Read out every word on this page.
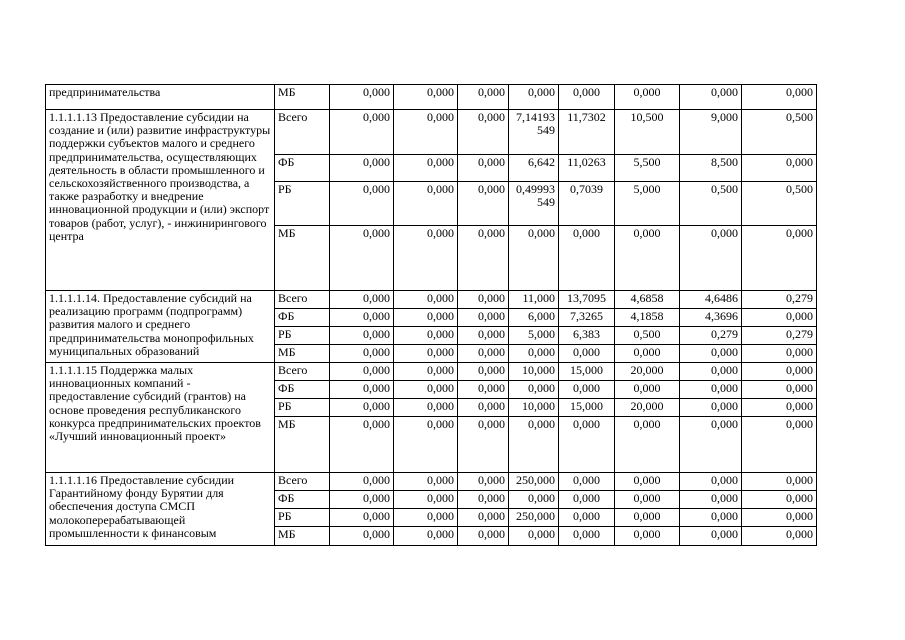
предпринимательства	МБ	0,000	0,000	0,000	0,000	0,000	0,000	0,000	0,000
1.1.1.1.13 Предоставление субсидии на создание и (или) развитие инфраструктуры поддержки субъектов малого и среднего предпринимательства, осуществляющих деятельность в области промышленного и сельскохозяйственного производства, а также разработку и внедрение инновационной продукции и (или) экспорт товаров (работ, услуг), - инжинирингового центра	Всего	0,000	0,000	0,000	7,14193 549	11,7302	10,500	9,000	0,500
	ФБ	0,000	0,000	0,000	6,642	11,0263	5,500	8,500	0,000
	РБ	0,000	0,000	0,000	0,49993 549	0,7039	5,000	0,500	0,500
	МБ	0,000	0,000	0,000	0,000	0,000	0,000	0,000	0,000
1.1.1.1.14. Предоставление субсидий на реализацию программ (подпрограмм) развития малого и среднего предпринимательства монопрофильных муниципальных образований	Всего	0,000	0,000	0,000	11,000	13,7095	4,6858	4,6486	0,279
	ФБ	0,000	0,000	0,000	6,000	7,3265	4,1858	4,3696	0,000
	РБ	0,000	0,000	0,000	5,000	6,383	0,500	0,279	0,279
	МБ	0,000	0,000	0,000	0,000	0,000	0,000	0,000	0,000
1.1.1.1.15 Поддержка малых инновационных компаний - предоставление субсидий (грантов) на основе проведения республиканского конкурса предпринимательских проектов «Лучший инновационный проект»	Всего	0,000	0,000	0,000	10,000	15,000	20,000	0,000	0,000
	ФБ	0,000	0,000	0,000	0,000	0,000	0,000	0,000	0,000
	РБ	0,000	0,000	0,000	10,000	15,000	20,000	0,000	0,000
	МБ	0,000	0,000	0,000	0,000	0,000	0,000	0,000	0,000
1.1.1.1.16 Предоставление субсидии Гарантийному фонду Бурятии для обеспечения доступа СМСП молокоперерабатывающей промышленности к финансовым	Всего	0,000	0,000	0,000	250,000	0,000	0,000	0,000	0,000
	ФБ	0,000	0,000	0,000	0,000	0,000	0,000	0,000	0,000
	РБ	0,000	0,000	0,000	250,000	0,000	0,000	0,000	0,000
	МБ	0,000	0,000	0,000	0,000	0,000	0,000	0,000	0,000
